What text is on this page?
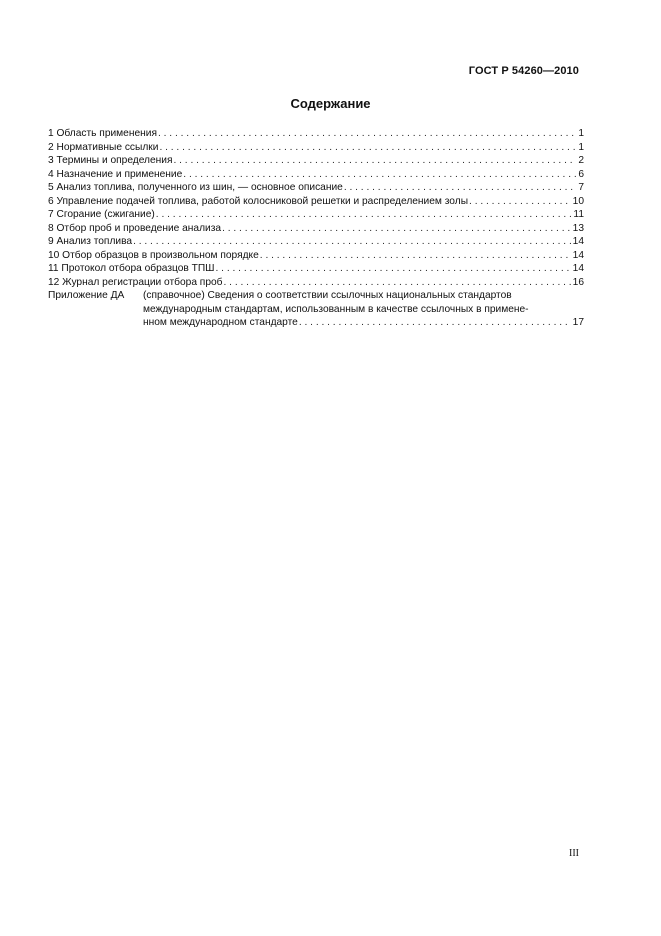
ГОСТ Р 54260—2010
Содержание
1 Область применения . . .	1
2 Нормативные ссылки . . .	1
3 Термины и определения . . .	2
4 Назначение и применение . . .	6
5 Анализ топлива, полученного из шин, — основное описание . . .	7
6 Управление подачей топлива, работой колосниковой решетки и распределением золы . . .	10
7 Сгорание (сжигание) . . .	11
8 Отбор проб и проведение анализа . . .	13
9 Анализ топлива . . .	14
10 Отбор образцов в произвольном порядке . . .	14
11 Протокол отбора образцов ТПШ . . .	14
12 Журнал регистрации отбора проб . . .	16
Приложение ДА	(справочное) Сведения о соответствии ссылочных национальных стандартов
международным стандартам, использованным в качестве ссылочных в примене-
нном международном стандарте . . .	17
III
